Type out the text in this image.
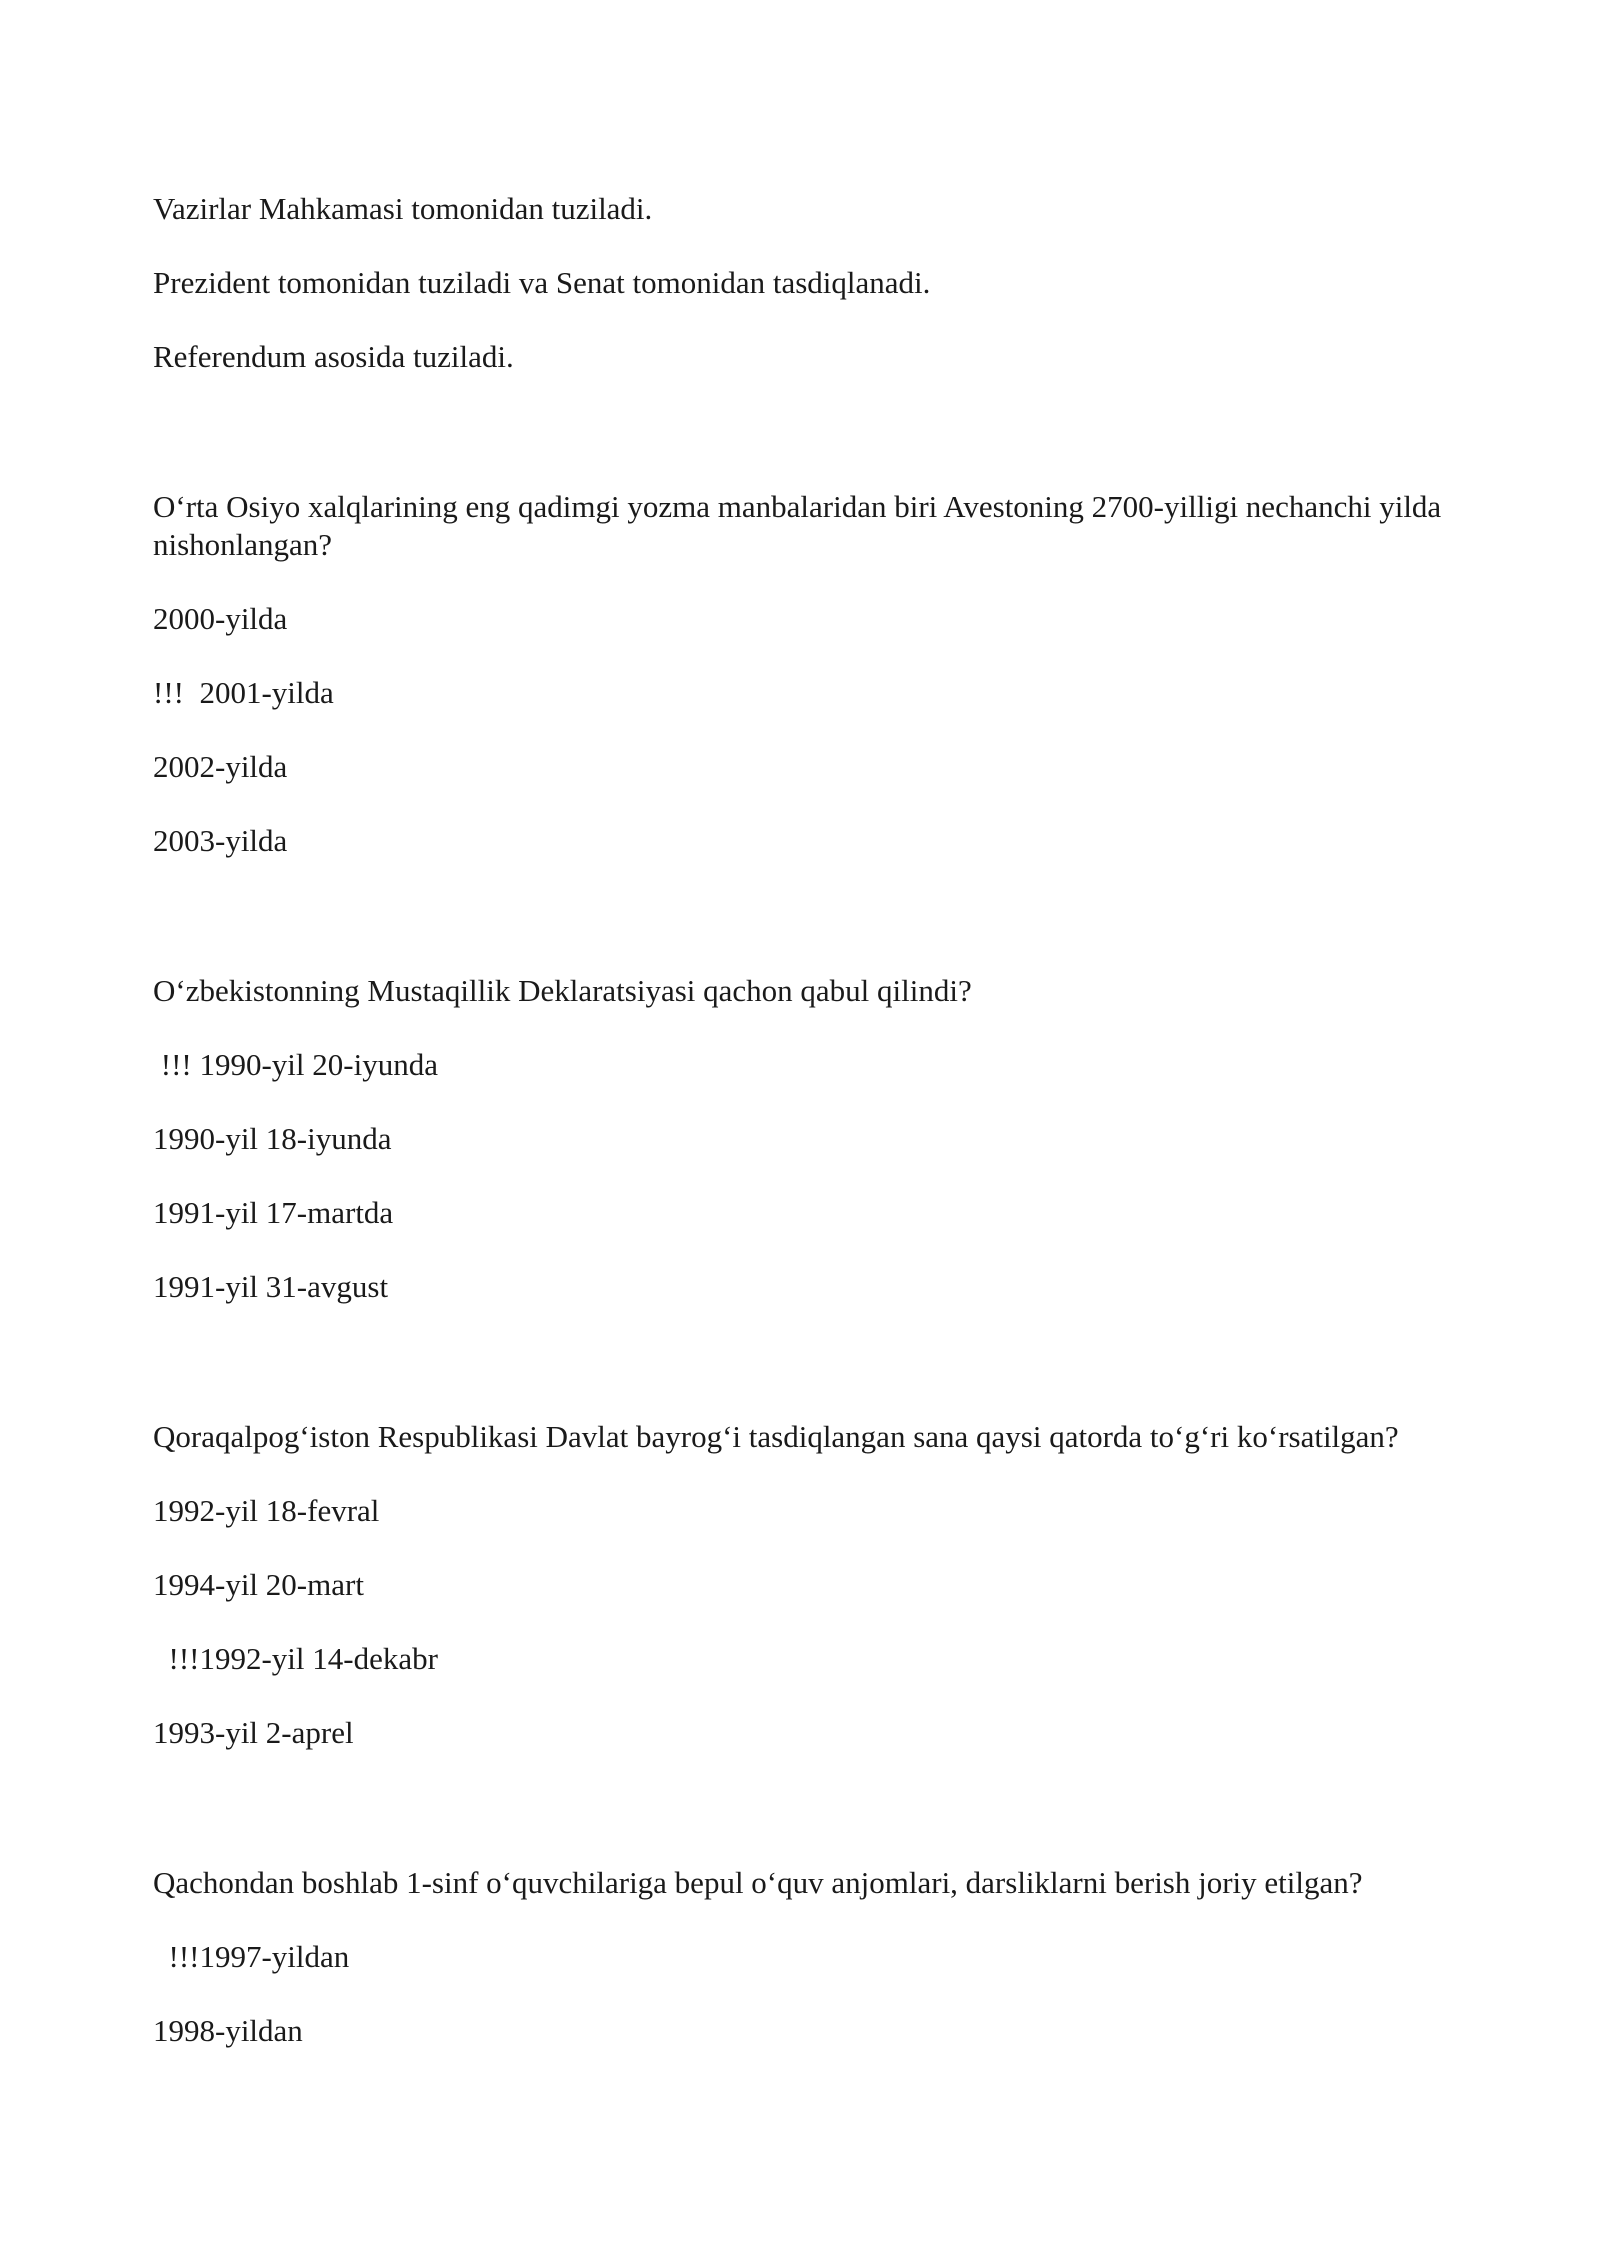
Vazirlar Mahkamasi tomonidan tuziladi.

Prezident tomonidan tuziladi va Senat tomonidan tasdiqlanadi.

Referendum asosida tuziladi.

O‘rta Osiyo xalqlarining eng qadimgi yozma manbalaridan biri Avestoning 2700-yilligi nechanchi yilda nishonlangan?

2000-yilda

!!!  2001-yilda

2002-yilda

2003-yilda

O‘zbekistonning Mustaqillik Deklaratsiyasi qachon qabul qilindi?

!!! 1990-yil 20-iyunda

1990-yil 18-iyunda

1991-yil 17-martda

1991-yil 31-avgust

Qoraqalpog‘iston Respublikasi Davlat bayrog‘i tasdiqlangan sana qaysi qatorda to‘g‘ri ko‘rsatilgan?

1992-yil 18-fevral

1994-yil 20-mart

!!!1992-yil 14-dekabr

1993-yil 2-aprel

Qachondan boshlab 1-sinf o‘quvchilariga bepul o‘quv anjomlari, darsliklarni berish joriy etilgan?

!!!1997-yildan

1998-yildan
